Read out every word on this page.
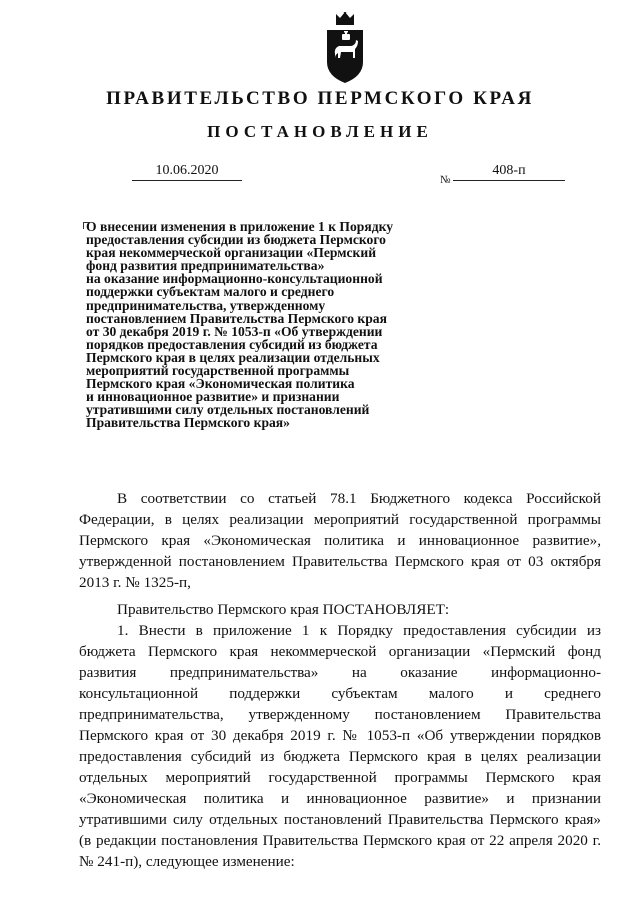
ПРАВИТЕЛЬСТВО ПЕРМСКОГО КРАЯ
ПОСТАНОВЛЕНИЕ
10.06.2020
№
408-п
О внесении изменения в приложение 1 к Порядку
предоставления субсидии из бюджета Пермского
края некоммерческой организации «Пермский
фонд развития предпринимательства»
на оказание информационно-консультационной
поддержки субъектам малого и среднего
предпринимательства, утвержденному
постановлением Правительства Пермского края
от 30 декабря 2019 г. № 1053-п «Об утверждении
порядков предоставления субсидий из бюджета
Пермского края в целях реализации отдельных
мероприятий государственной программы
Пермского края «Экономическая политика
и инновационное развитие» и признании
утратившими силу отдельных постановлений
Правительства Пермского края»

В соответствии со статьей 78.1 Бюджетного кодекса Российской Федерации, в целях реализации мероприятий государственной программы Пермского края «Экономическая политика и инновационное развитие», утвержденной постановлением Правительства Пермского края от 03 октября 2013 г. № 1325-п,

Правительство Пермского края ПОСТАНОВЛЯЕТ:

1. Внести в приложение 1 к Порядку предоставления субсидии из бюджета Пермского края некоммерческой организации «Пермский фонд развития предпринимательства» на оказание информационно-консультационной поддержки субъектам малого и среднего предпринимательства, утвержденному постановлением Правительства Пермского края от 30 декабря 2019 г. № 1053-п «Об утверждении порядков предоставления субсидий из бюджета Пермского края в целях реализации отдельных мероприятий государственной программы Пермского края «Экономическая политика и инновационное развитие» и признании утратившими силу отдельных постановлений Правительства Пермского края» (в редакции постановления Правительства Пермского края от 22 апреля 2020 г. № 241-п), следующее изменение:
